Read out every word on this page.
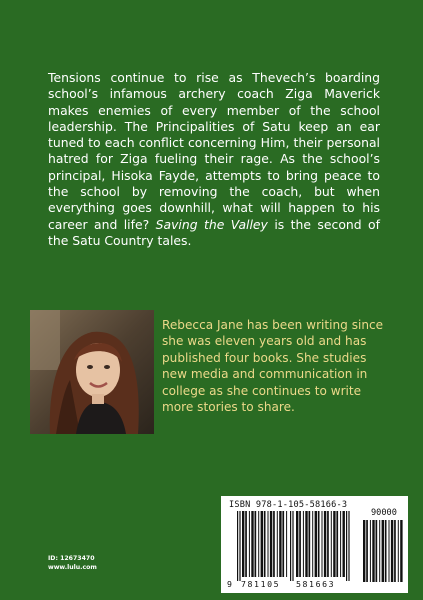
Tensions continue to rise as Thevech’s boarding school’s infamous archery coach Ziga Maverick makes enemies of every member of the school leadership. The Principalities of Satu keep an ear tuned to each conflict concerning Him, their personal hatred for Ziga fueling their rage. As the school’s principal, Hisoka Fayde, attempts to bring peace to the school by removing the coach, but when everything goes downhill, what will happen to his career and life? Saving the Valley is the second of the Satu Country tales.

Rebecca Jane has been writing since she was eleven years old and has published four books. She studies new media and communication in college as she continues to write more stories to share.

ID: 12673470
www.lulu.com
ISBN 978-1-105-58166-3
90000
9 781105 581663
